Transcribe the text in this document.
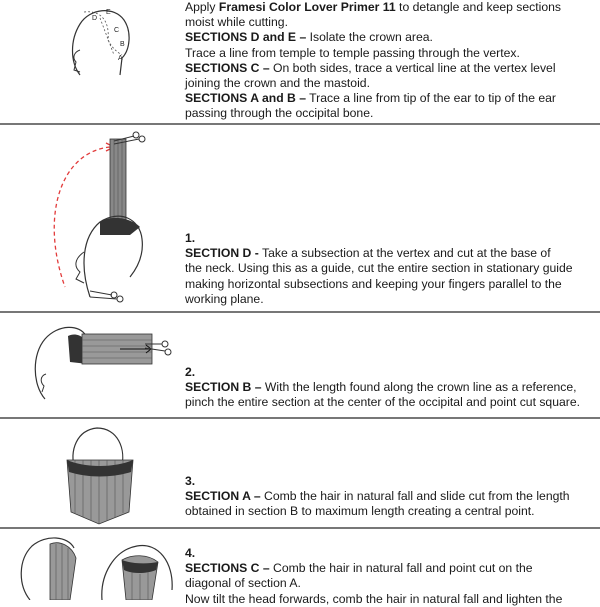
D
E
C
B
A

Apply Framesi Color Lover Primer 11 to detangle and keep sections

moist while cutting.

SECTIONS D and E – Isolate the crown area.

Trace a line from temple to temple passing through the vertex.

SECTIONS C – On both sides, trace a vertical line at the vertex level

joining the crown and the mastoid.

SECTIONS A and B – Trace a line from tip of the ear to tip of the ear

passing through the occipital bone.

1.

SECTION D - Take a subsection at the vertex and cut at the base of

the neck. Using this as a guide, cut the entire section in stationary guide

making horizontal subsections and keeping your fingers parallel to the

working plane.

2.

SECTION B – With the length found along the crown line as a reference,

pinch the entire section at the center of the occipital and point cut square.

3.

SECTION A – Comb the hair in natural fall and slide cut from the length

obtained in section B to maximum length creating a central point.

4.

SECTIONS C – Comb the hair in natural fall and point cut on the

diagonal of section A.

Now tilt the head forwards, comb the hair in natural fall and lighten the
